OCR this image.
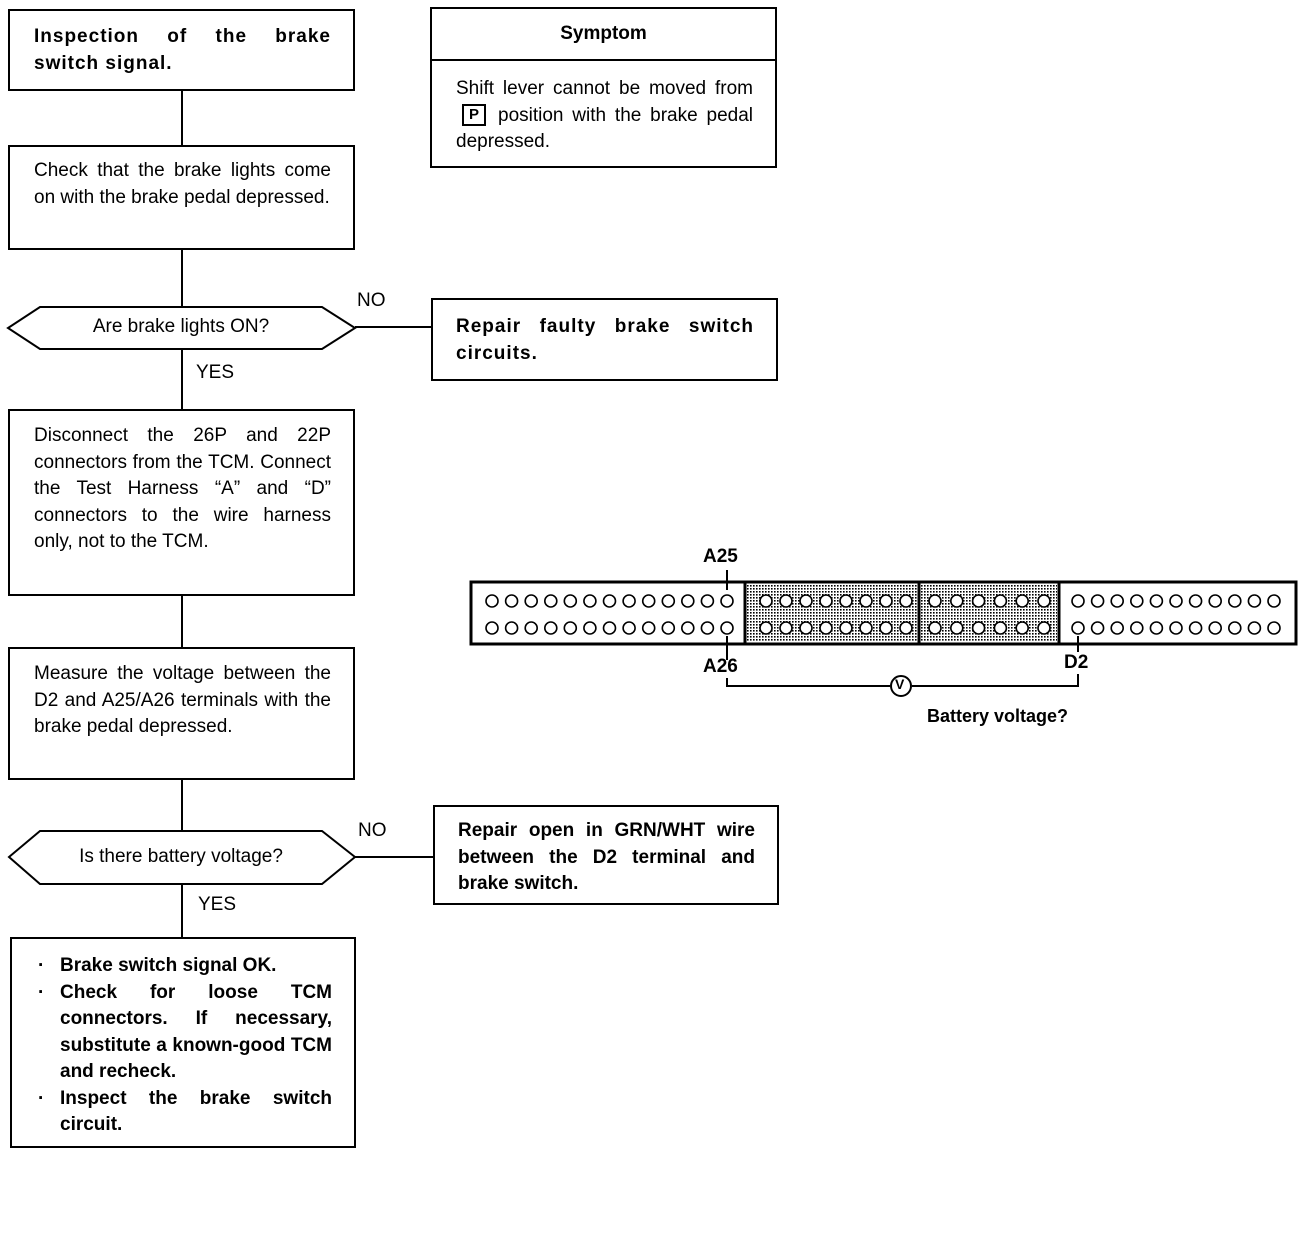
Inspection of the brake switch signal.
Check that the brake lights come on with the brake pedal depressed.
Are brake lights ON?
NO
YES
Repair faulty brake switch circuits.
Disconnect the 26P and 22P connectors from the TCM. Connect the Test Harness “A” and “D” connectors to the wire harness only, not to the TCM.
Measure the voltage between the D2 and A25/A26 terminals with the brake pedal depressed.
Is there battery voltage?
NO
YES
Repair open in GRN/WHT wire between the D2 terminal and brake switch.
· Brake switch signal OK.
· Check for loose TCM connectors. If necessary, substitute a known-good TCM and recheck.
· Inspect the brake switch circuit.
Symptom
Shift lever cannot be moved fromP position with the brake pedal depressed.
V
A25
A26	D2
Battery voltage?
